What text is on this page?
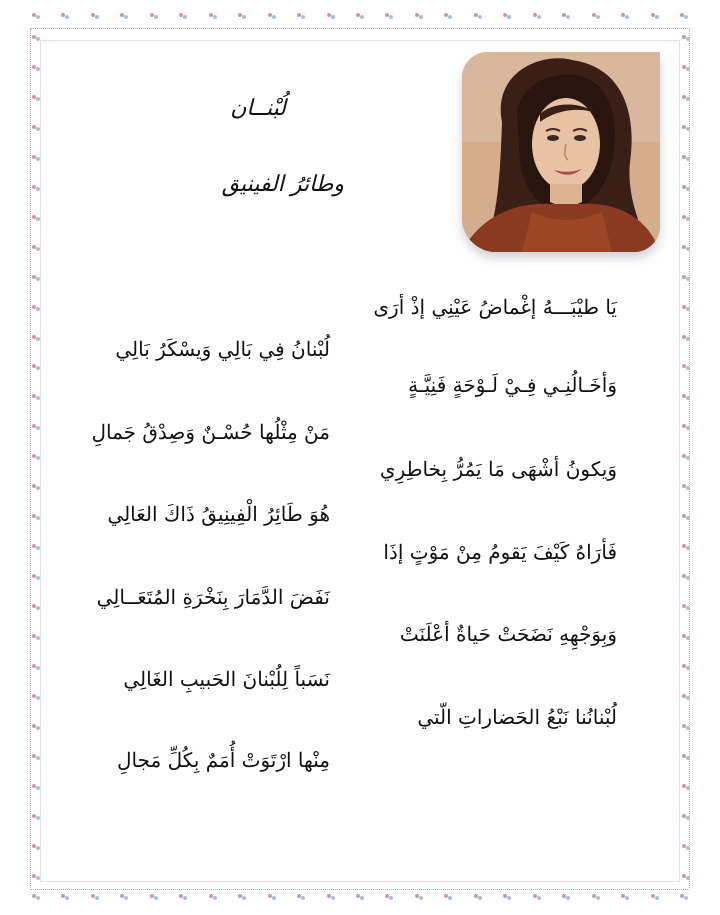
لُبْنــان
وطائرُ الفينيق
يَا طيْبَـــهُ إغْماضُ عَيْنِي إذْ أرَى
وَأخَـالُنِـي فِـيْ لَـوْحَةٍ فَنِيَّـةٍ
وَيكونُ أشْهَى مَا يَمُرُّ بِخاطِرِي
فَأرَاهُ كَيْفَ يَقومُ مِنْ مَوْتٍ إذَا
وَبِوَجْهِهِ نَضَحَتْ حَياةٌ أعْلَنَتْ
لُبْنانُنا نَبْعُ الحَضاراتِ الّتي
لُبْنانُ فِي بَالِي وَيسْكَرُ بَالِي
مَنْ مِثْلُها حُسْـنٌ وَصِدْقُ جَمالِ
هُوَ طَائِرُ الْفِينِيقُ ذَاكَ العَالِي
نَفَضَ الدَّمَارَ بِنَخْرَةِ المُتَعَــالِي
نَسَباً لِلُبْنانَ الحَبيبِ الغَالِي
مِنْها ارْتَوَتْ أُمَمٌ بِكُلِّ مَجالِ
